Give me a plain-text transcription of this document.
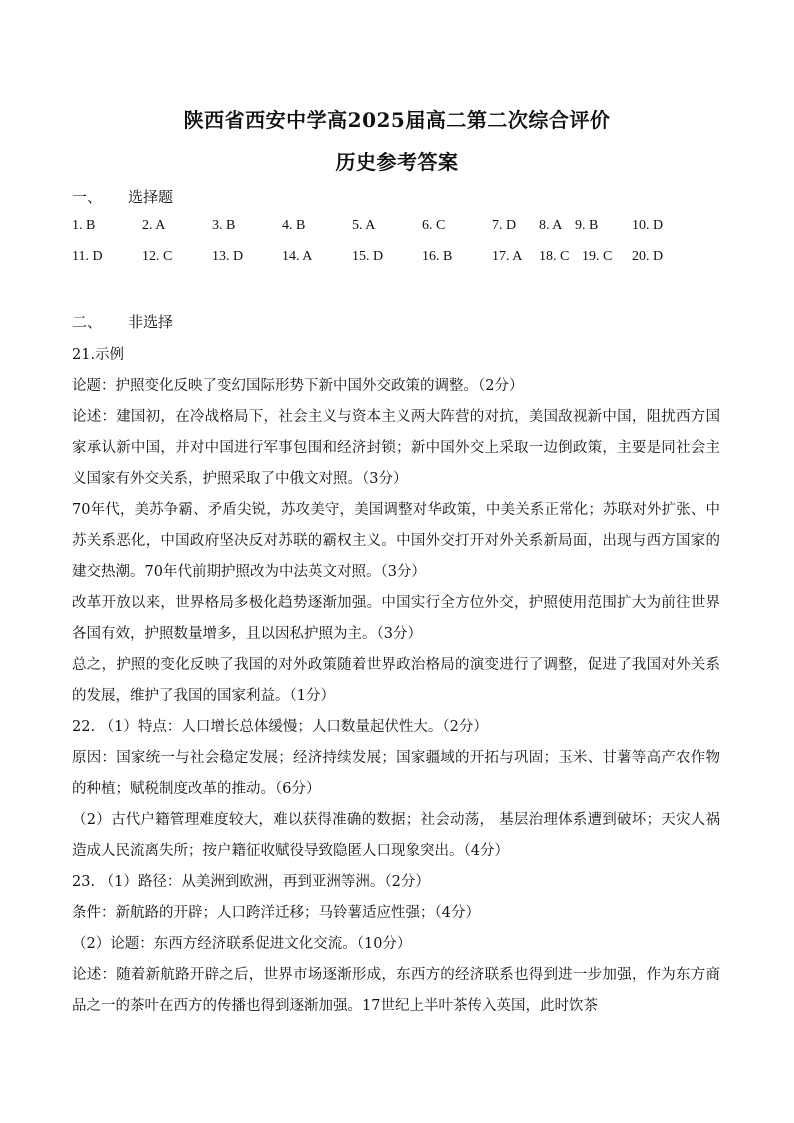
陕西省西安中学高2025届高二第二次综合评价
历史参考答案
一、 选择题
1. B	2. A	3. B	4. B	5. A	6. C	7. D 8. A 9. B 10. D
11. D	12. C	13. D	14. A	15. D	16. B	17. A 18. C 19. C 20. D
二、 非选择

21.示例

论题：护照变化反映了变幻国际形势下新中国外交政策的调整。（2分）

论述：建国初，在冷战格局下，社会主义与资本主义两大阵营的对抗，美国敌视新中国，阻扰西方国家承认新中国，并对中国进行军事包围和经济封锁；新中国外交上采取一边倒政策，主要是同社会主义国家有外交关系，护照采取了中俄文对照。（3分）

70年代，美苏争霸、矛盾尖锐，苏攻美守，美国调整对华政策，中美关系正常化；苏联对外扩张、中苏关系恶化，中国政府坚决反对苏联的霸权主义。中国外交打开对外关系新局面，出现与西方国家的建交热潮。70年代前期护照改为中法英文对照。（3分）

改革开放以来，世界格局多极化趋势逐渐加强。中国实行全方位外交，护照使用范围扩大为前往世界各国有效，护照数量增多，且以因私护照为主。（3分）

总之，护照的变化反映了我国的对外政策随着世界政治格局的演变进行了调整，促进了我国对外关系的发展，维护了我国的国家利益。（1分）

22. （1）特点：人口增长总体缓慢；人口数量起伏性大。（2分）

原因：国家统一与社会稳定发展；经济持续发展；国家疆域的开拓与巩固；玉米、甘薯等高产农作物的种植；赋税制度改革的推动。（6分）

（2）古代户籍管理难度较大，难以获得准确的数据；社会动荡， 基层治理体系遭到破坏；天灾人祸造成人民流离失所；按户籍征收赋役导致隐匿人口现象突出。（4分）

23. （1）路径：从美洲到欧洲，再到亚洲等洲。（2分）

条件：新航路的开辟；人口跨洋迁移；马铃薯适应性强；（4分）

（2）论题：东西方经济联系促进文化交流。（10分）

论述：随着新航路开辟之后，世界市场逐渐形成，东西方的经济联系也得到进一步加强，作为东方商品之一的茶叶在西方的传播也得到逐渐加强。17世纪上半叶茶传入英国，此时饮茶
